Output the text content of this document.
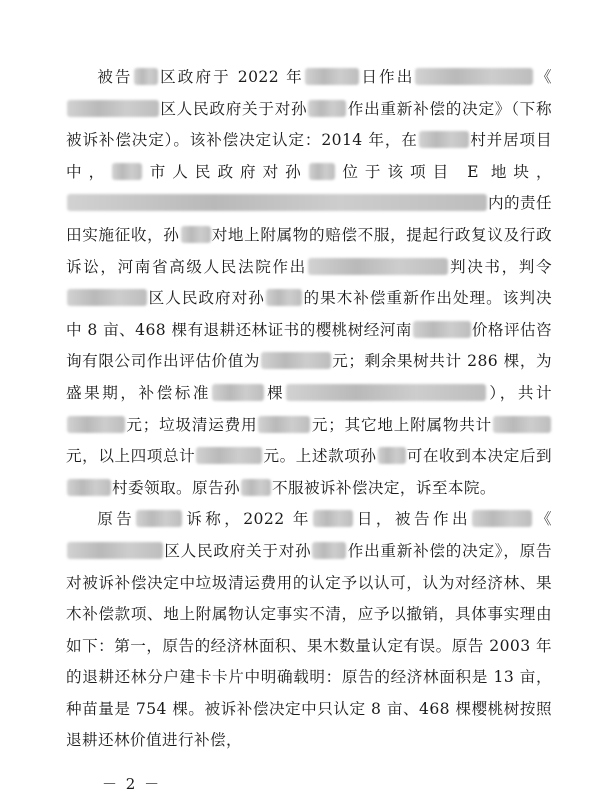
被告 区政府于 2022 年	日作出	《区人民政府关于对孙	作出重新补偿的决定》（下称被诉补偿决定）。该补偿决定认定：2014 年，在	村并居项目中， 市人民政府对孙 位于该项目 E 地块，内的责任田实施征收，孙 对地上附属物的赔偿不服，提起行政复议及行政诉讼，河南省高级人民法院作出	判决书，判令区人民政府对孙 的果木补偿重新作出处理。该判决中 8 亩、468 棵有退耕还林证书的樱桃树经河南	价格评估咨询有限公司作出评估价值为	元；剩余果树共计 286 棵，为盛果期，补偿标准	棵	），共计元；垃圾清运费用	元；其它地上附属物共计元，以上四项总计	元。上述款项孙 可在收到本决定后到村委领取。原告孙 不服被诉补偿决定，诉至本院。

原告	诉称，2022 年	日，被告作出	《区人民政府关于对孙 作出重新补偿的决定》，原告对被诉补偿决定中垃圾清运费用的认定予以认可，认为对经济林、果木补偿款项、地上附属物认定事实不清，应予以撤销，具体事实理由如下：第一，原告的经济林面积、果木数量认定有误。原告 2003 年的退耕还林分户建卡卡片中明确载明：原告的经济林面积是 13 亩，种苗量是 754 棵。被诉补偿决定中只认定 8 亩、468 棵樱桃树按照退耕还林价值进行补偿，

－ 2 －
